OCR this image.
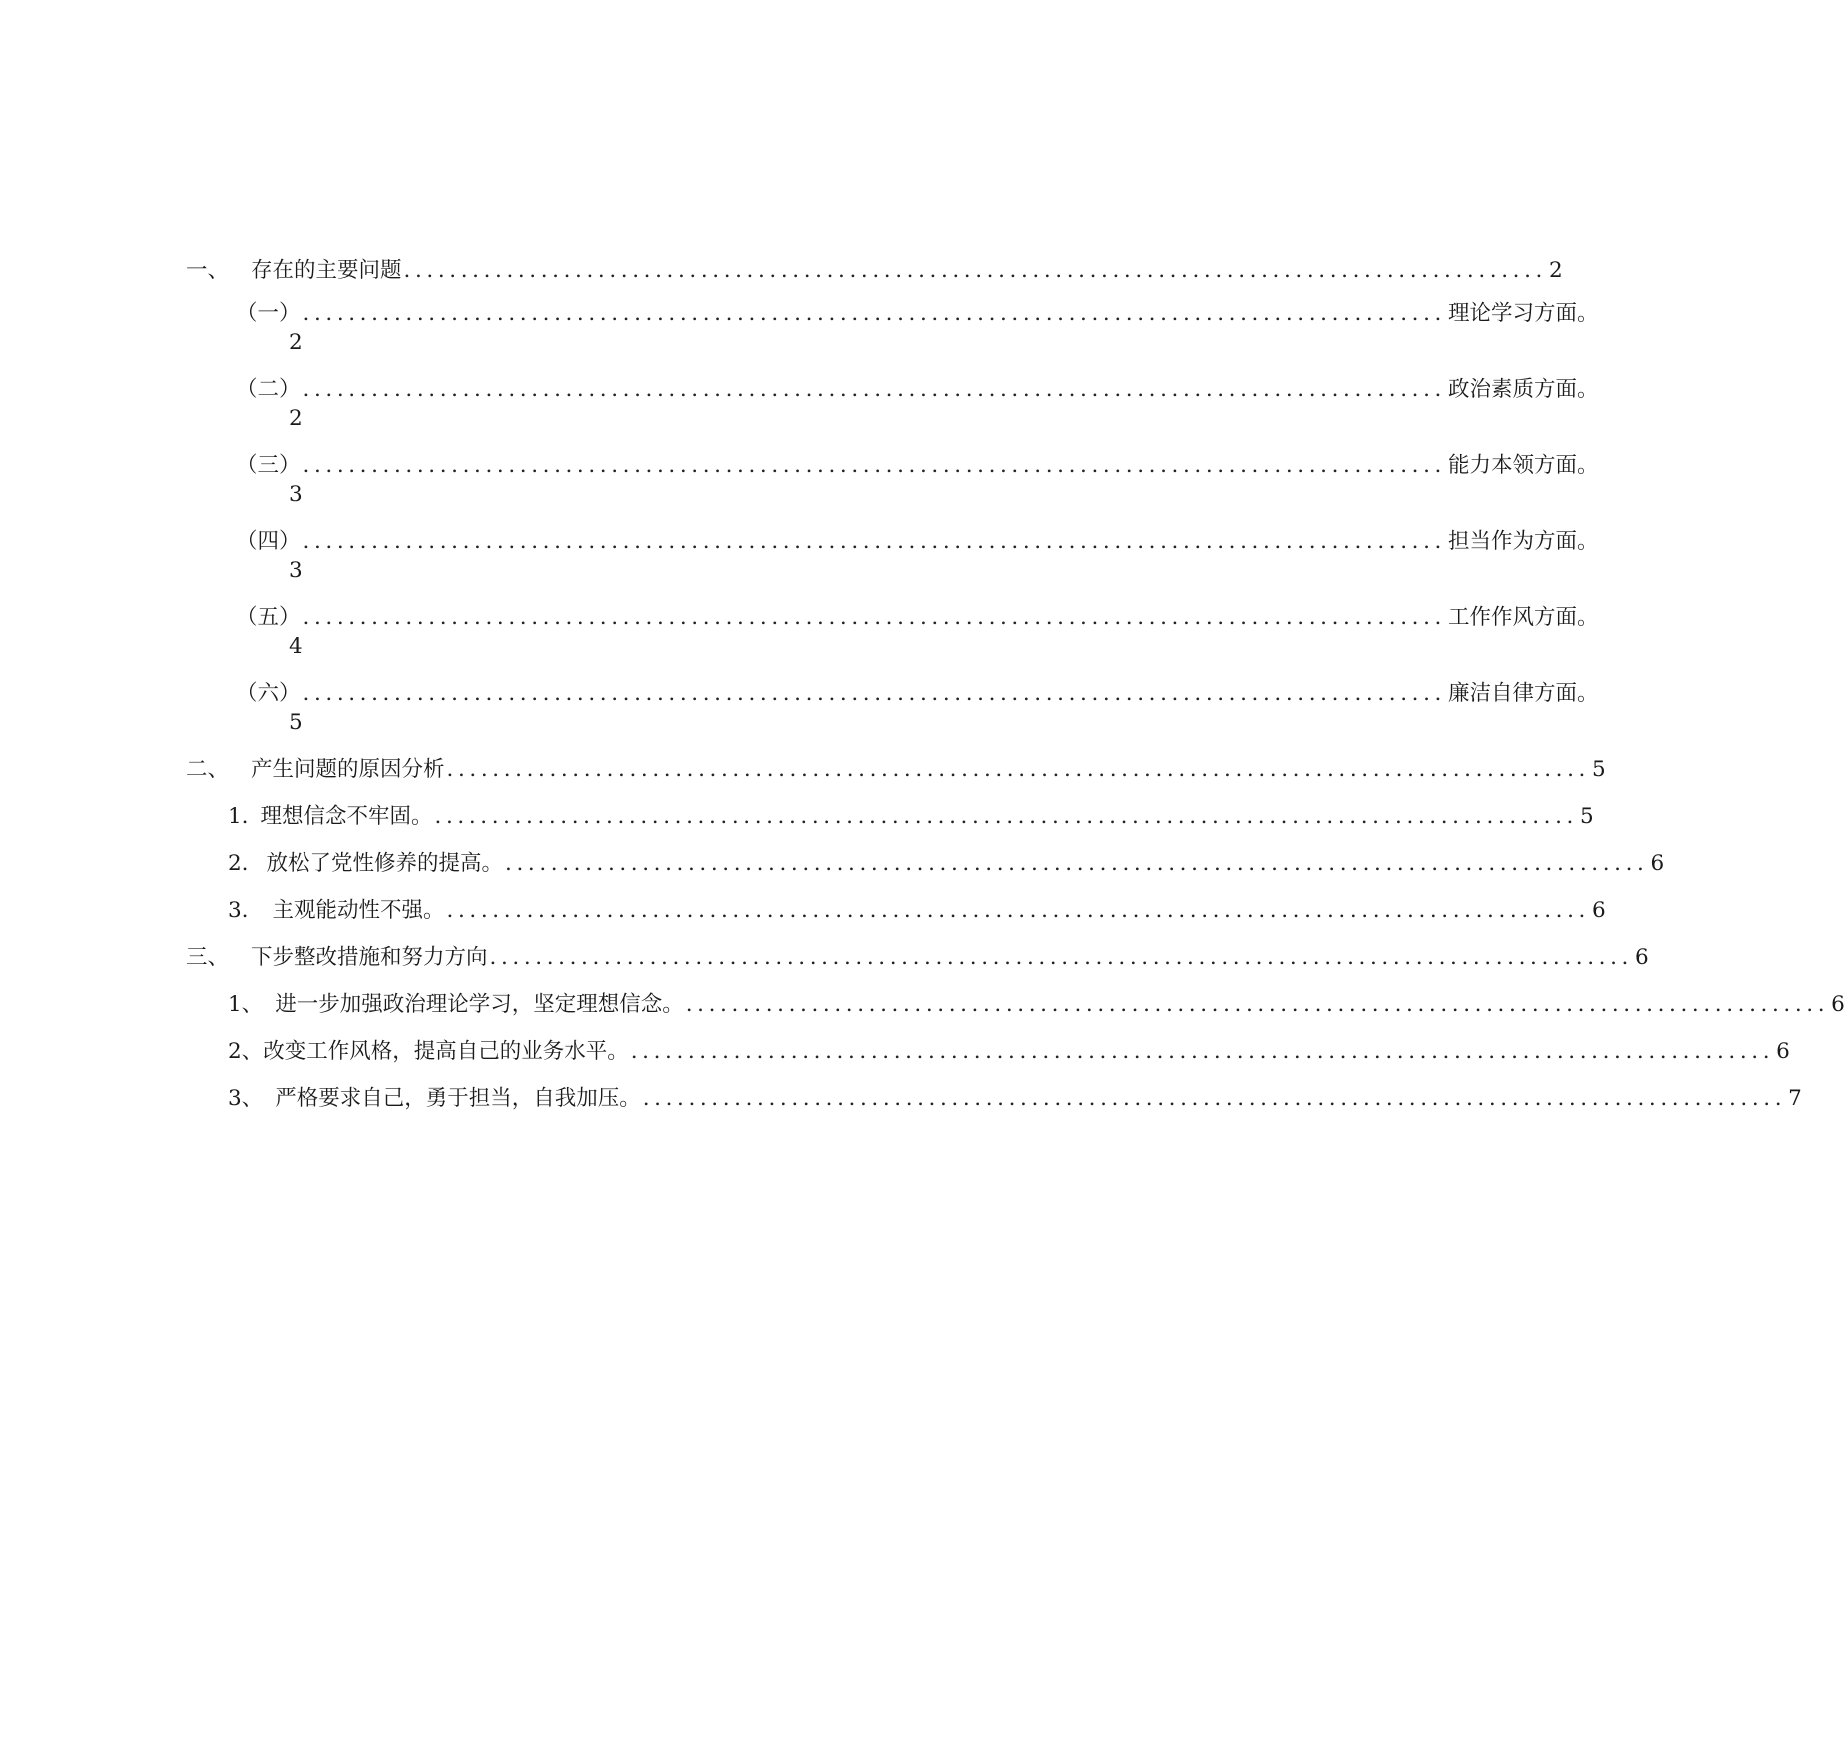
一、 存在的主要问题 .................................................................................................... 2
（一） .................................................................................................... 理论学习方面。
2
（二） .................................................................................................... 政治素质方面。
2
（三） .................................................................................................... 能力本领方面。
3
（四） .................................................................................................... 担当作为方面。
3
（五） .................................................................................................... 工作作风方面。
4
（六） .................................................................................................... 廉洁自律方面。
5
二、 产生问题的原因分析 .................................................................................................... 5
1. 理想信念不牢固。 .................................................................................................... 5
2. 放松了党性修养的提高。 .................................................................................................... 6
3. 主观能动性不强。 .................................................................................................... 6
三、 下步整改措施和努力方向 .................................................................................................... 6
1、 进一步加强政治理论学习，坚定理想信念。 .................................................................................................... 6
2、 改变工作风格，提高自己的业务水平。 .................................................................................................... 6
3、 严格要求自己，勇于担当，自我加压。 .................................................................................................... 7
